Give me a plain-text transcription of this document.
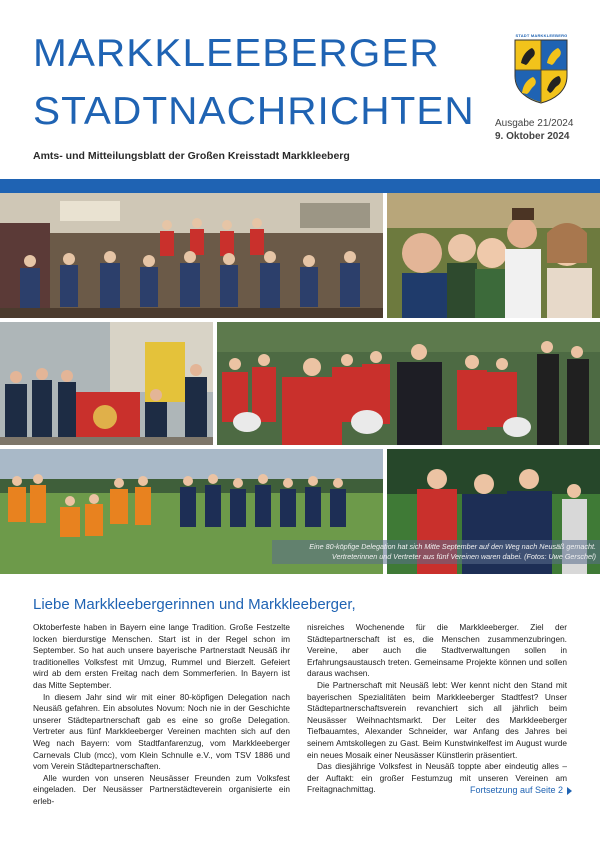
MARKKLEEBERGER
STADTNACHRICHTEN
STADT MARKKLEEBERG
Ausgabe 21/2024
9. Oktober 2024
Amts- und Mitteilungsblatt der Großen Kreisstadt Markkleeberg
Eine 80-köpfige Delegation hat sich Mitte September auf den Weg nach Neusäß gemacht. Vertreterinnen und Vertreter aus fünf Vereinen waren dabei. (Fotos: Uwe Gerschel)
Liebe Markkleebergerinnen und Markkleeberger,

Oktoberfeste haben in Bayern eine lange Tradition. Große Festzelte locken bierdurstige Menschen. Start ist in der Regel schon im September. So hat auch unsere bayerische Partnerstadt Neusäß ihr traditionelles Volksfest mit Umzug, Rummel und Bierzelt. Gefeiert wird ab dem ersten Freitag nach dem Sommerferien. In Bayern ist das Mitte September.

In diesem Jahr sind wir mit einer 80-köpfigen Delegation nach Neusäß gefahren. Ein absolutes Novum: Noch nie in der Geschichte unserer Städtepartnerschaft gab es eine so große Delegation. Vertreter aus fünf Markkleeberger Vereinen machten sich auf den Weg nach Bayern: vom Stadtfanfarenzug, vom Markkleeberger Carnevals Club (mcc), vom Klein Schnulle e.V., vom TSV 1886 und vom Verein Städtepartnerschaften.

Alle wurden von unseren Neusässer Freunden zum Volksfest eingeladen. Der Neusässer Partnerstädteverein organisierte ein erleb-

nisreiches Wochenende für die Markkleeberger. Ziel der Städtepartnerschaft ist es, die Menschen zusammenzubringen. Vereine, aber auch die Stadtverwaltungen sollen in Erfahrungsaustausch treten. Gemeinsame Projekte können und sollen daraus wachsen.

Die Partnerschaft mit Neusäß lebt: Wer kennt nicht den Stand mit bayerischen Spezialitäten beim Markkleeberger Stadtfest? Unser Städtepartnerschaftsverein revanchiert sich all jährlich beim Neusässer Weihnachtsmarkt. Der Leiter des Markkleeberger Tiefbauamtes, Alexander Schneider, war Anfang des Jahres bei seinem Amtskollegen zu Gast. Beim Kunstwinkelfest im August wurde ein neues Mosaik einer Neusässer Künstlerin präsentiert.

Das diesjährige Volksfest in Neusäß toppte aber eindeutig alles – der Auftakt: ein großer Festumzug mit unseren Vereinen am Freitagnachmittag.	Fortsetzung auf Seite 2
